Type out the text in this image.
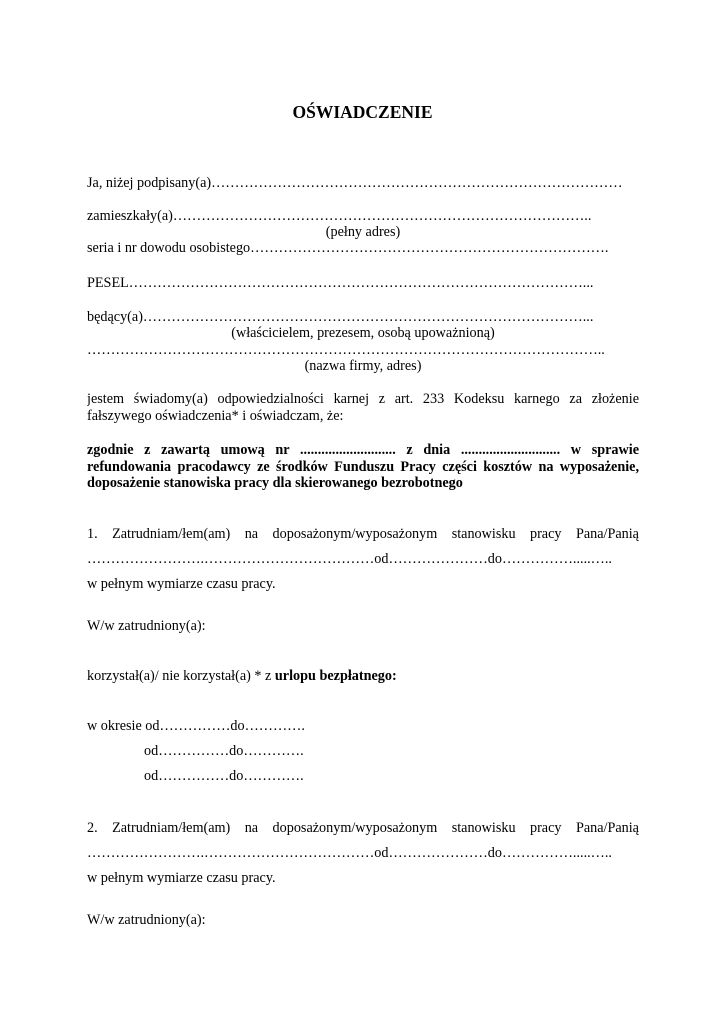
OŚWIADCZENIE
Ja, niżej podpisany(a)……………………………………………………………………………
zamieszkały(a)……………………………………………………………………………..
(pełny adres)
seria i nr dowodu osobistego………………………………………………………………….
PESEL……………………………………………………………………………………...
będący(a)…………………………………………………………………………………...
(właścicielem, prezesem, osobą upoważnioną)
………………………………………………………………………………………………..
(nazwa firmy, adres)
jestem świadomy(a) odpowiedzialności karnej z art. 233 Kodeksu karnego za złożenie
fałszywego oświadczenia* i oświadczam, że:
zgodnie z zawartą umową nr ........................... z dnia ............................ w sprawie
refundowania pracodawcy ze środków Funduszu Pracy części kosztów na wyposażenie,
doposażenie stanowiska pracy dla skierowanego bezrobotnego
1. Zatrudniam/łem(am) na doposażonym/wyposażonym stanowisku pracy Pana/Panią
…………………….………………………………od…………………do…………….....…..
w pełnym wymiarze czasu pracy.
W/w zatrudniony(a):
korzystał(a)/ nie korzystał(a) * z urlopu bezpłatnego:
w okresie od……………do………….
od……………do………….
od……………do………….
2. Zatrudniam/łem(am) na doposażonym/wyposażonym stanowisku pracy Pana/Panią
…………………….………………………………od…………………do…………….....…..
w pełnym wymiarze czasu pracy.
W/w zatrudniony(a):
